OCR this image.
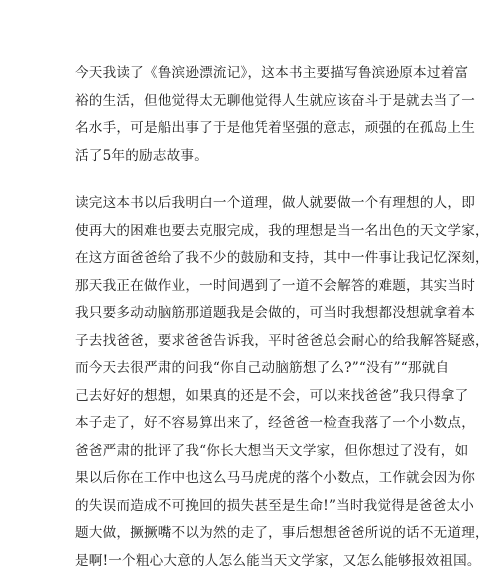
今天我读了《鲁滨逊漂流记》，这本书主要描写鲁滨逊原本过着富
裕的生活，但他觉得太无聊他觉得人生就应该奋斗于是就去当了一
名水手，可是船出事了于是他凭着坚强的意志，顽强的在孤岛上生
活了5年的励志故事。
读完这本书以后我明白一个道理，做人就要做一个有理想的人，即
使再大的困难也要去克服完成，我的理想是当一名出色的天文学家，
在这方面爸爸给了我不少的鼓励和支持，其中一件事让我记忆深刻，
那天我正在做作业，一时间遇到了一道不会解答的难题，其实当时
我只要多动动脑筋那道题我是会做的，可当时我想都没想就拿着本
子去找爸爸，要求爸爸告诉我，平时爸爸总会耐心的给我解答疑惑，
而今天去很严肃的问我“你自己动脑筋想了么?”“没有”“那就自
己去好好的想想，如果真的还是不会，可以来找爸爸”我只得拿了
本子走了，好不容易算出来了，经爸爸一检查我落了一个小数点，
爸爸严肃的批评了我“你长大想当天文学家，但你想过了没有，如
果以后你在工作中也这么马马虎虎的落个小数点，工作就会因为你
的失误而造成不可挽回的损失甚至是生命!”当时我觉得是爸爸太小
题大做，撅撅嘴不以为然的走了，事后想想爸爸所说的话不无道理，
是啊!一个粗心大意的人怎么能当天文学家，又怎么能够报效祖国。
